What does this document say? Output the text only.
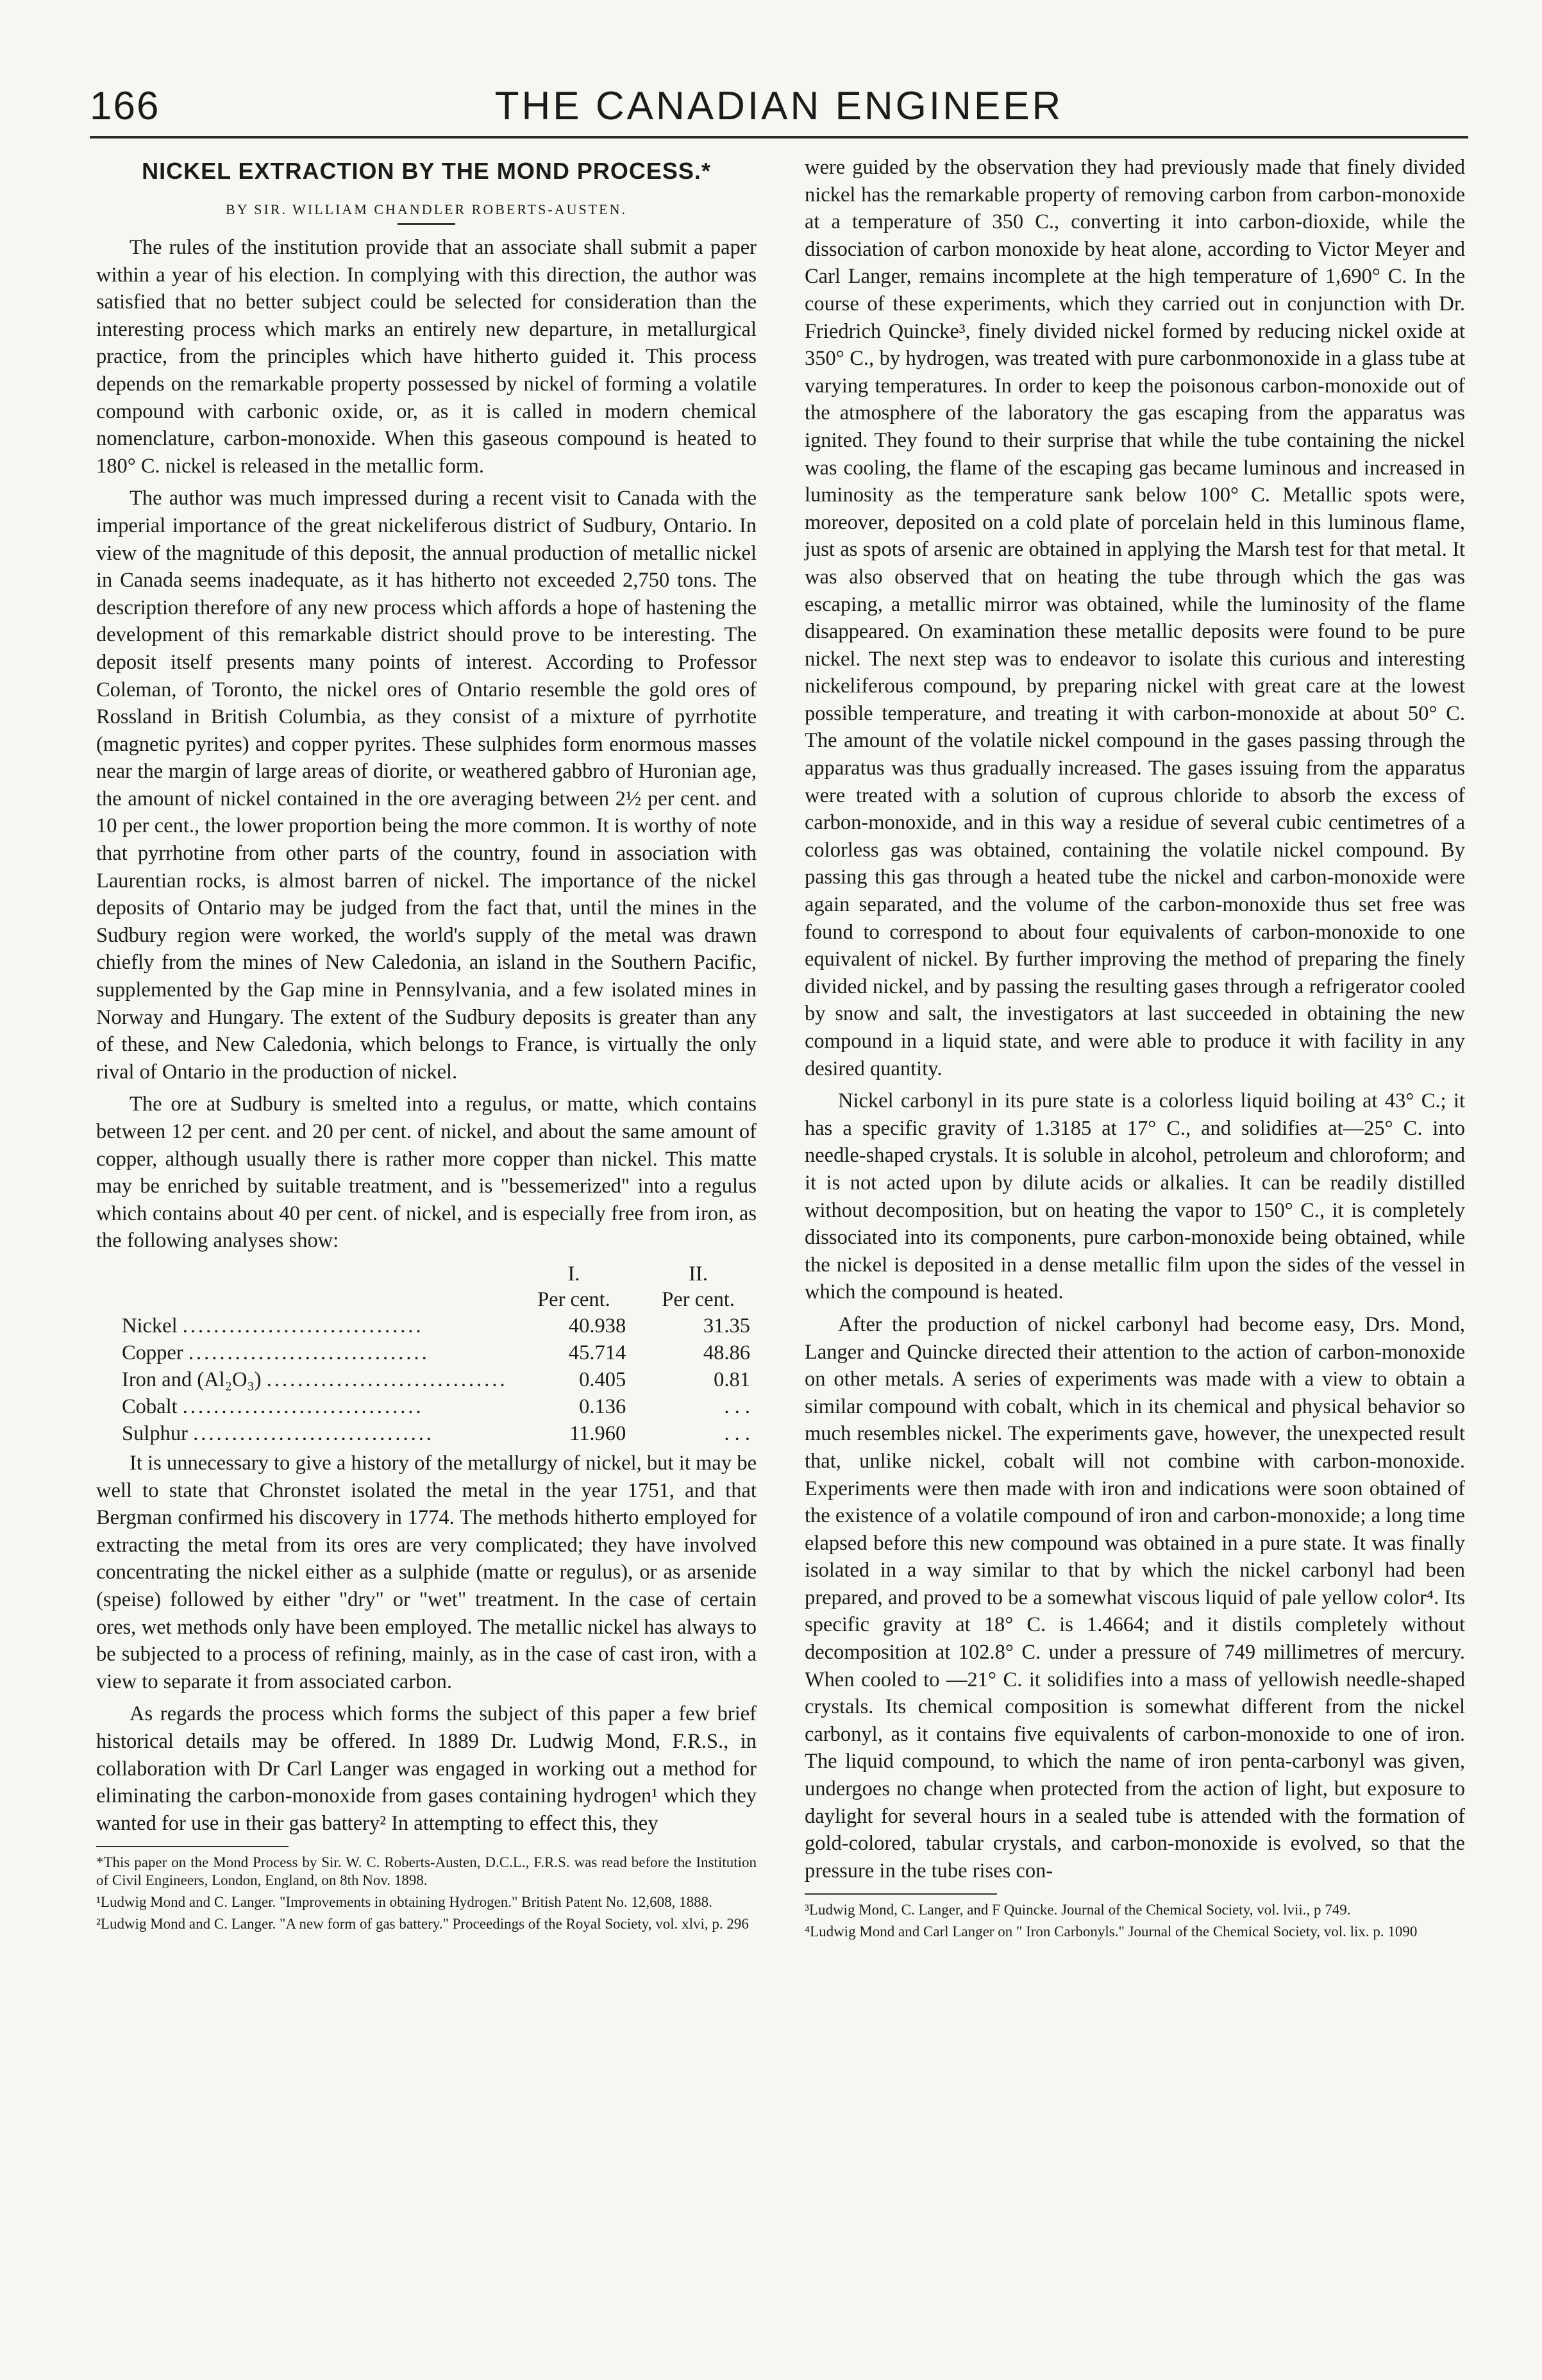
166	THE CANADIAN ENGINEER
NICKEL EXTRACTION BY THE MOND PROCESS.*
BY SIR. WILLIAM CHANDLER ROBERTS-AUSTEN.

The rules of the institution provide that an associate shall submit a paper within a year of his election. In complying with this direction, the author was satisfied that no better subject could be selected for consideration than the interesting process which marks an entirely new departure, in metallurgical practice, from the principles which have hitherto guided it. This process depends on the remarkable property possessed by nickel of forming a volatile compound with carbonic oxide, or, as it is called in modern chemical nomenclature, carbon-monoxide. When this gaseous compound is heated to 180° C. nickel is released in the metallic form.

The author was much impressed during a recent visit to Canada with the imperial importance of the great nickeliferous district of Sudbury, Ontario. In view of the magnitude of this deposit, the annual production of metallic nickel in Canada seems inadequate, as it has hitherto not exceeded 2,750 tons. The description therefore of any new process which affords a hope of hastening the development of this remarkable district should prove to be interesting. The deposit itself presents many points of interest. According to Professor Coleman, of Toronto, the nickel ores of Ontario resemble the gold ores of Rossland in British Columbia, as they consist of a mixture of pyrrhotite (magnetic pyrites) and copper pyrites. These sulphides form enormous masses near the margin of large areas of diorite, or weathered gabbro of Huronian age, the amount of nickel contained in the ore averaging between 2½ per cent. and 10 per cent., the lower proportion being the more common. It is worthy of note that pyrrhotine from other parts of the country, found in association with Laurentian rocks, is almost barren of nickel. The importance of the nickel deposits of Ontario may be judged from the fact that, until the mines in the Sudbury region were worked, the world's supply of the metal was drawn chiefly from the mines of New Caledonia, an island in the Southern Pacific, supplemented by the Gap mine in Pennsylvania, and a few isolated mines in Norway and Hungary. The extent of the Sudbury deposits is greater than any of these, and New Caledonia, which belongs to France, is virtually the only rival of Ontario in the production of nickel.

The ore at Sudbury is smelted into a regulus, or matte, which contains between 12 per cent. and 20 per cent. of nickel, and about the same amount of copper, although usually there is rather more copper than nickel. This matte may be enriched by suitable treatment, and is "bessemerized" into a regulus which contains about 40 per cent. of nickel, and is especially free from iron, as the following analyses show:

	I.	II.
	Per cent.	Per cent.
Nickel ...............................	40.938	31.35
Copper ...............................	45.714	48.86
Iron and (Al₂O₃) ...............................	0.405	0.81
Cobalt ...............................	0.136	. . .
Sulphur ...............................	11.960	. . .

It is unnecessary to give a history of the metallurgy of nickel, but it may be well to state that Chronstet isolated the metal in the year 1751, and that Bergman confirmed his discovery in 1774. The methods hitherto employed for extracting the metal from its ores are very complicated; they have involved concentrating the nickel either as a sulphide (matte or regulus), or as arsenide (speise) followed by either "dry" or "wet" treatment. In the case of certain ores, wet methods only have been employed. The metallic nickel has always to be subjected to a process of refining, mainly, as in the case of cast iron, with a view to separate it from associated carbon.

As regards the process which forms the subject of this paper a few brief historical details may be offered. In 1889 Dr. Ludwig Mond, F.R.S., in collaboration with Dr Carl Langer was engaged in working out a method for eliminating the carbon-monoxide from gases containing hydrogen¹ which they wanted for use in their gas battery² In attempting to effect this, they

*This paper on the Mond Process by Sir. W. C. Roberts-Austen, D.C.L., F.R.S. was read before the Institution of Civil Engineers, London, England, on 8th Nov. 1898.
¹Ludwig Mond and C. Langer. "Improvements in obtaining Hydrogen." British Patent No. 12,608, 1888.
²Ludwig Mond and C. Langer. "A new form of gas battery." Proceedings of the Royal Society, vol. xlvi, p. 296

were guided by the observation they had previously made that finely divided nickel has the remarkable property of removing carbon from carbon-monoxide at a temperature of 350 C., converting it into carbon-dioxide, while the dissociation of carbon monoxide by heat alone, according to Victor Meyer and Carl Langer, remains incomplete at the high temperature of 1,690° C. In the course of these experiments, which they carried out in conjunction with Dr. Friedrich Quincke³, finely divided nickel formed by reducing nickel oxide at 350° C., by hydrogen, was treated with pure carbonmonoxide in a glass tube at varying temperatures. In order to keep the poisonous carbon-monoxide out of the atmosphere of the laboratory the gas escaping from the apparatus was ignited. They found to their surprise that while the tube containing the nickel was cooling, the flame of the escaping gas became luminous and increased in luminosity as the temperature sank below 100° C. Metallic spots were, moreover, deposited on a cold plate of porcelain held in this luminous flame, just as spots of arsenic are obtained in applying the Marsh test for that metal. It was also observed that on heating the tube through which the gas was escaping, a metallic mirror was obtained, while the luminosity of the flame disappeared. On examination these metallic deposits were found to be pure nickel. The next step was to endeavor to isolate this curious and interesting nickeliferous compound, by preparing nickel with great care at the lowest possible temperature, and treating it with carbon-monoxide at about 50° C. The amount of the volatile nickel compound in the gases passing through the apparatus was thus gradually increased. The gases issuing from the apparatus were treated with a solution of cuprous chloride to absorb the excess of carbon-monoxide, and in this way a residue of several cubic centimetres of a colorless gas was obtained, containing the volatile nickel compound. By passing this gas through a heated tube the nickel and carbon-monoxide were again separated, and the volume of the carbon-monoxide thus set free was found to correspond to about four equivalents of carbon-monoxide to one equivalent of nickel. By further improving the method of preparing the finely divided nickel, and by passing the resulting gases through a refrigerator cooled by snow and salt, the investigators at last succeeded in obtaining the new compound in a liquid state, and were able to produce it with facility in any desired quantity.

Nickel carbonyl in its pure state is a colorless liquid boiling at 43° C.; it has a specific gravity of 1.3185 at 17° C., and solidifies at—25° C. into needle-shaped crystals. It is soluble in alcohol, petroleum and chloroform; and it is not acted upon by dilute acids or alkalies. It can be readily distilled without decomposition, but on heating the vapor to 150° C., it is completely dissociated into its components, pure carbon-monoxide being obtained, while the nickel is deposited in a dense metallic film upon the sides of the vessel in which the compound is heated.

After the production of nickel carbonyl had become easy, Drs. Mond, Langer and Quincke directed their attention to the action of carbon-monoxide on other metals. A series of experiments was made with a view to obtain a similar compound with cobalt, which in its chemical and physical behavior so much resembles nickel. The experiments gave, however, the unexpected result that, unlike nickel, cobalt will not combine with carbon-monoxide. Experiments were then made with iron and indications were soon obtained of the existence of a volatile compound of iron and carbon-monoxide; a long time elapsed before this new compound was obtained in a pure state. It was finally isolated in a way similar to that by which the nickel carbonyl had been prepared, and proved to be a somewhat viscous liquid of pale yellow color⁴. Its specific gravity at 18° C. is 1.4664; and it distils completely without decomposition at 102.8° C. under a pressure of 749 millimetres of mercury. When cooled to —21° C. it solidifies into a mass of yellowish needle-shaped crystals. Its chemical composition is somewhat different from the nickel carbonyl, as it contains five equivalents of carbon-monoxide to one of iron. The liquid compound, to which the name of iron penta-carbonyl was given, undergoes no change when protected from the action of light, but exposure to daylight for several hours in a sealed tube is attended with the formation of gold-colored, tabular crystals, and carbon-monoxide is evolved, so that the pressure in the tube rises con-

³Ludwig Mond, C. Langer, and F Quincke. Journal of the Chemical Society, vol. lvii., p 749.
⁴Ludwig Mond and Carl Langer on " Iron Carbonyls." Journal of the Chemical Society, vol. lix. p. 1090
